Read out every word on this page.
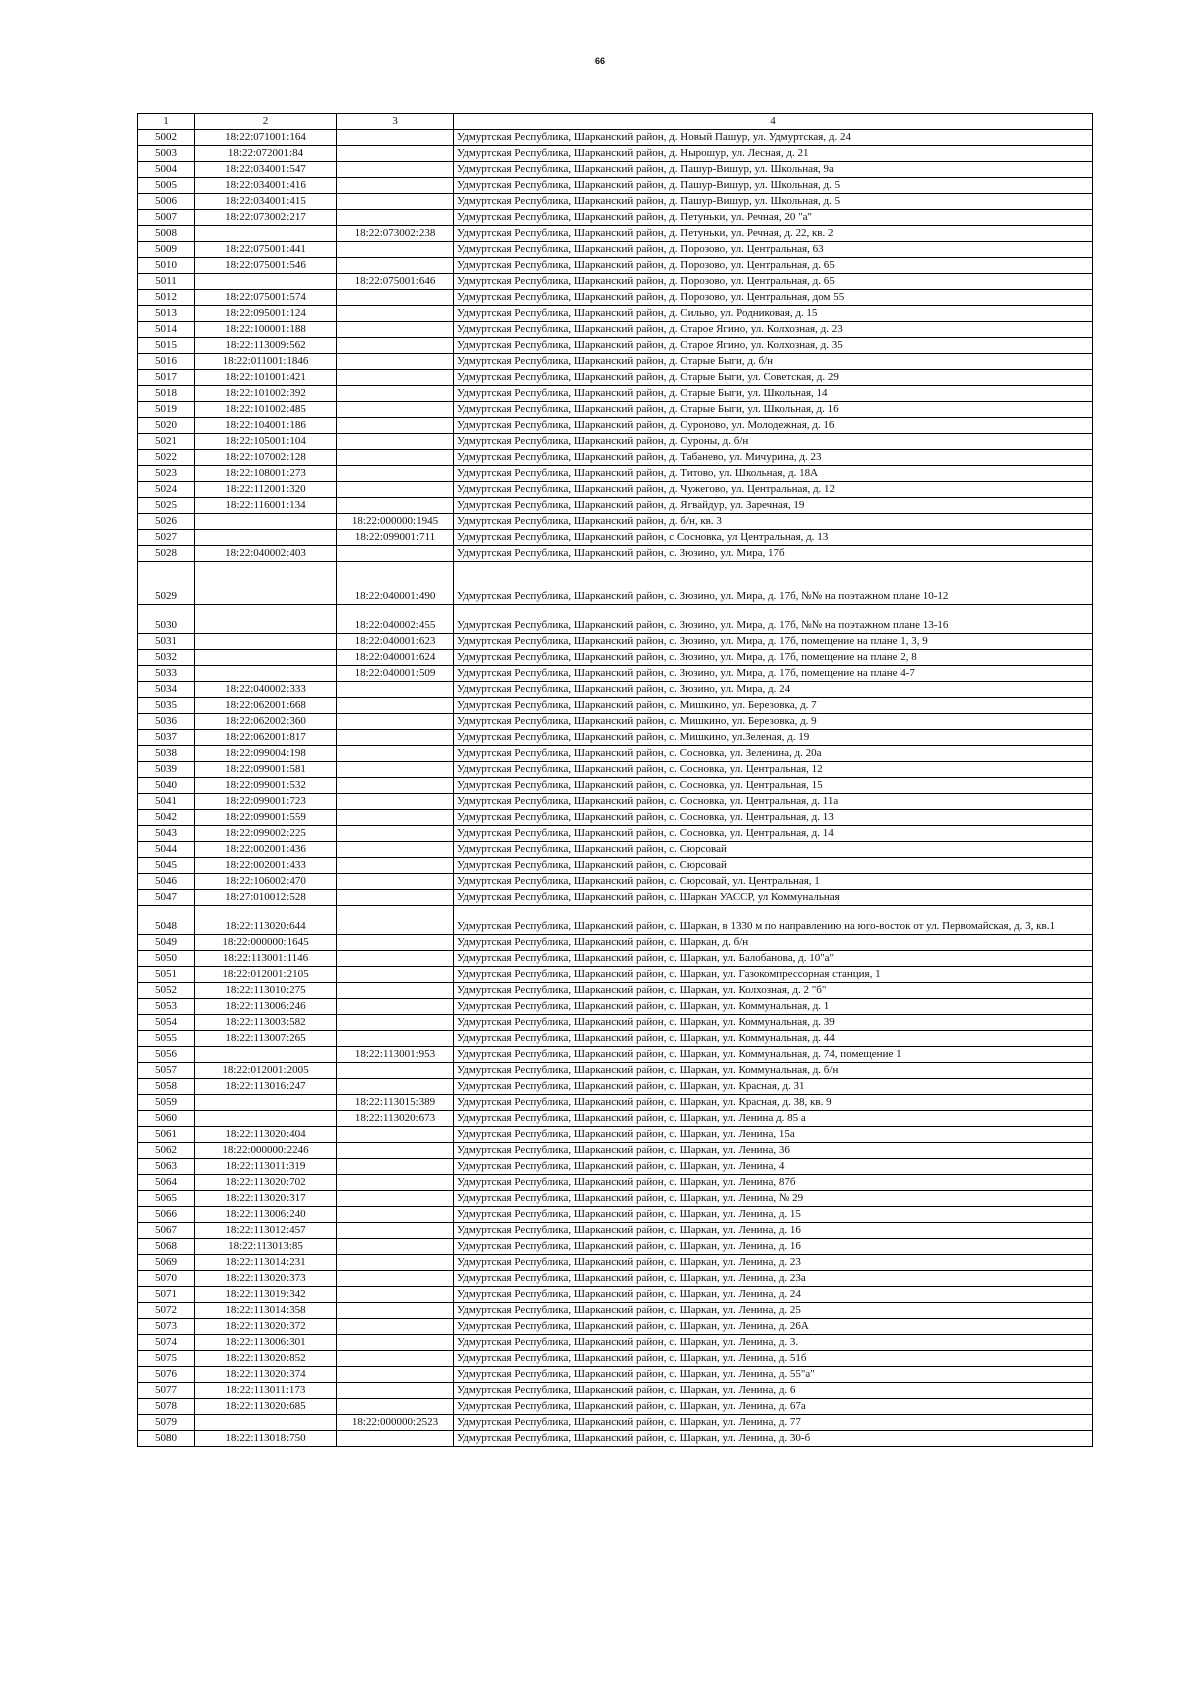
66
1	2	3	4
5002	18:22:071001:164		Удмуртская Республика, Шарканский район, д. Новый Пашур, ул. Удмуртская, д. 24
5003	18:22:072001:84		Удмуртская Республика, Шарканский район, д. Нырошур, ул. Лесная, д. 21
5004	18:22:034001:547		Удмуртская Республика, Шарканский район, д. Пашур-Вишур, ул. Школьная, 9а
5005	18:22:034001:416		Удмуртская Республика, Шарканский район, д. Пашур-Вишур, ул. Школьная, д. 5
5006	18:22:034001:415		Удмуртская Республика, Шарканский район, д. Пашур-Вишур, ул. Школьная, д. 5
5007	18:22:073002:217		Удмуртская Республика, Шарканский район, д. Петуньки, ул. Речная, 20 "а"
5008		18:22:073002:238	Удмуртская Республика, Шарканский район, д. Петуньки, ул. Речная, д. 22, кв. 2
5009	18:22:075001:441		Удмуртская Республика, Шарканский район, д. Порозово, ул. Центральная, 63
5010	18:22:075001:546		Удмуртская Республика, Шарканский район, д. Порозово, ул. Центральная, д. 65
5011		18:22:075001:646	Удмуртская Республика, Шарканский район, д. Порозово, ул. Центральная, д. 65
5012	18:22:075001:574		Удмуртская Республика, Шарканский район, д. Порозово, ул. Центральная, дом 55
5013	18:22:095001:124		Удмуртская Республика, Шарканский район, д. Сильво, ул. Родниковая, д. 15
5014	18:22:100001:188		Удмуртская Республика, Шарканский район, д. Старое Ягино, ул. Колхозная, д. 23
5015	18:22:113009:562		Удмуртская Республика, Шарканский район, д. Старое Ягино, ул. Колхозная, д. 35
5016	18:22:011001:1846		Удмуртская Республика, Шарканский район, д. Старые Быги, д. б/н
5017	18:22:101001:421		Удмуртская Республика, Шарканский район, д. Старые Быги, ул. Советская, д. 29
5018	18:22:101002:392		Удмуртская Республика, Шарканский район, д. Старые Быги, ул. Школьная, 14
5019	18:22:101002:485		Удмуртская Республика, Шарканский район, д. Старые Быги, ул. Школьная, д. 16
5020	18:22:104001:186		Удмуртская Республика, Шарканский район, д. Суроново, ул. Молодежная, д. 16
5021	18:22:105001:104		Удмуртская Республика, Шарканский район, д. Суроны, д. б/н
5022	18:22:107002:128		Удмуртская Республика, Шарканский район, д. Табанево, ул. Мичурина, д. 23
5023	18:22:108001:273		Удмуртская Республика, Шарканский район, д. Титово, ул. Школьная, д. 18А
5024	18:22:112001:320		Удмуртская Республика, Шарканский район, д. Чужегово, ул. Центральная, д. 12
5025	18:22:116001:134		Удмуртская Республика, Шарканский район, д. Ягвайдур, ул. Заречная, 19
5026		18:22:000000:1945	Удмуртская Республика, Шарканский район, д. б/н, кв. 3
5027		18:22:099001:711	Удмуртская Республика, Шарканский район, с Сосновка, ул Центральная, д. 13
5028	18:22:040002:403		Удмуртская Республика, Шарканский район, с. Зюзино, ул. Мира, 17б
5029		18:22:040001:490	Удмуртская Республика, Шарканский район, с. Зюзино, ул. Мира, д. 17б, №№ на поэтажном плане 10-12
5030		18:22:040002:455	Удмуртская Республика, Шарканский район, с. Зюзино, ул. Мира, д. 17б, №№ на поэтажном плане 13-16
5031		18:22:040001:623	Удмуртская Республика, Шарканский район, с. Зюзино, ул. Мира, д. 17б, помещение на плане 1, 3, 9
5032		18:22:040001:624	Удмуртская Республика, Шарканский район, с. Зюзино, ул. Мира, д. 17б, помещение на плане 2, 8
5033		18:22:040001:509	Удмуртская Республика, Шарканский район, с. Зюзино, ул. Мира, д. 17б, помещение на плане 4-7
5034	18:22:040002:333		Удмуртская Республика, Шарканский район, с. Зюзино, ул. Мира, д. 24
5035	18:22:062001:668		Удмуртская Республика, Шарканский район, с. Мишкино, ул. Березовка, д. 7
5036	18:22:062002:360		Удмуртская Республика, Шарканский район, с. Мишкино, ул. Березовка, д. 9
5037	18:22:062001:817		Удмуртская Республика, Шарканский район, с. Мишкино, ул.Зеленая, д. 19
5038	18:22:099004:198		Удмуртская Республика, Шарканский район, с. Сосновка, ул. Зеленина, д. 20а
5039	18:22:099001:581		Удмуртская Республика, Шарканский район, с. Сосновка, ул. Центральная, 12
5040	18:22:099001:532		Удмуртская Республика, Шарканский район, с. Сосновка, ул. Центральная, 15
5041	18:22:099001:723		Удмуртская Республика, Шарканский район, с. Сосновка, ул. Центральная, д. 11а
5042	18:22:099001:559		Удмуртская Республика, Шарканский район, с. Сосновка, ул. Центральная, д. 13
5043	18:22:099002:225		Удмуртская Республика, Шарканский район, с. Сосновка, ул. Центральная, д. 14
5044	18:22:002001:436		Удмуртская Республика, Шарканский район, с. Сюрсовай
5045	18:22:002001:433		Удмуртская Республика, Шарканский район, с. Сюрсовай
5046	18:22:106002:470		Удмуртская Республика, Шарканский район, с. Сюрсовай, ул. Центральная, 1
5047	18:27:010012:528		Удмуртская Республика, Шарканский район, с. Шаркан УАССР, ул Коммунальная
5048	18:22:113020:644		Удмуртская Республика, Шарканский район, с. Шаркан, в 1330 м по направлению на юго-восток от ул. Первомайская, д. 3, кв.1
5049	18:22:000000:1645		Удмуртская Республика, Шарканский район, с. Шаркан, д. б/н
5050	18:22:113001:1146		Удмуртская Республика, Шарканский район, с. Шаркан, ул. Балобанова, д. 10"а"
5051	18:22:012001:2105		Удмуртская Республика, Шарканский район, с. Шаркан, ул. Газокомпрессорная станция, 1
5052	18:22:113010:275		Удмуртская Республика, Шарканский район, с. Шаркан, ул. Колхозная, д. 2 "б"
5053	18:22:113006:246		Удмуртская Республика, Шарканский район, с. Шаркан, ул. Коммунальная, д. 1
5054	18:22:113003:582		Удмуртская Республика, Шарканский район, с. Шаркан, ул. Коммунальная, д. 39
5055	18:22:113007:265		Удмуртская Республика, Шарканский район, с. Шаркан, ул. Коммунальная, д. 44
5056		18:22:113001:953	Удмуртская Республика, Шарканский район, с. Шаркан, ул. Коммунальная, д. 74, помещение 1
5057	18:22:012001:2005		Удмуртская Республика, Шарканский район, с. Шаркан, ул. Коммунальная, д. б/н
5058	18:22:113016:247		Удмуртская Республика, Шарканский район, с. Шаркан, ул. Красная, д. 31
5059		18:22:113015:389	Удмуртская Республика, Шарканский район, с. Шаркан, ул. Красная, д. 38, кв. 9
5060		18:22:113020:673	Удмуртская Республика, Шарканский район, с. Шаркан, ул. Ленина д. 85 а
5061	18:22:113020:404		Удмуртская Республика, Шарканский район, с. Шаркан, ул. Ленина, 15а
5062	18:22:000000:2246		Удмуртская Республика, Шарканский район, с. Шаркан, ул. Ленина, 36
5063	18:22:113011:319		Удмуртская Республика, Шарканский район, с. Шаркан, ул. Ленина, 4
5064	18:22:113020:702		Удмуртская Республика, Шарканский район, с. Шаркан, ул. Ленина, 87б
5065	18:22:113020:317		Удмуртская Республика, Шарканский район, с. Шаркан, ул. Ленина, № 29
5066	18:22:113006:240		Удмуртская Республика, Шарканский район, с. Шаркан, ул. Ленина, д. 15
5067	18:22:113012:457		Удмуртская Республика, Шарканский район, с. Шаркан, ул. Ленина, д. 16
5068	18:22:113013:85		Удмуртская Республика, Шарканский район, с. Шаркан, ул. Ленина, д. 16
5069	18:22:113014:231		Удмуртская Республика, Шарканский район, с. Шаркан, ул. Ленина, д. 23
5070	18:22:113020:373		Удмуртская Республика, Шарканский район, с. Шаркан, ул. Ленина, д. 23а
5071	18:22:113019:342		Удмуртская Республика, Шарканский район, с. Шаркан, ул. Ленина, д. 24
5072	18:22:113014:358		Удмуртская Республика, Шарканский район, с. Шаркан, ул. Ленина, д. 25
5073	18:22:113020:372		Удмуртская Республика, Шарканский район, с. Шаркан, ул. Ленина, д. 26А
5074	18:22:113006:301		Удмуртская Республика, Шарканский район, с. Шаркан, ул. Ленина, д. 3.
5075	18:22:113020:852		Удмуртская Республика, Шарканский район, с. Шаркан, ул. Ленина, д. 51б
5076	18:22:113020:374		Удмуртская Республика, Шарканский район, с. Шаркан, ул. Ленина, д. 55"а"
5077	18:22:113011:173		Удмуртская Республика, Шарканский район, с. Шаркан, ул. Ленина, д. 6
5078	18:22:113020:685		Удмуртская Республика, Шарканский район, с. Шаркан, ул. Ленина, д. 67а
5079		18:22:000000:2523	Удмуртская Республика, Шарканский район, с. Шаркан, ул. Ленина, д. 77
5080	18:22:113018:750		Удмуртская Республика, Шарканский район, с. Шаркан, ул. Ленина, д. 30-б
